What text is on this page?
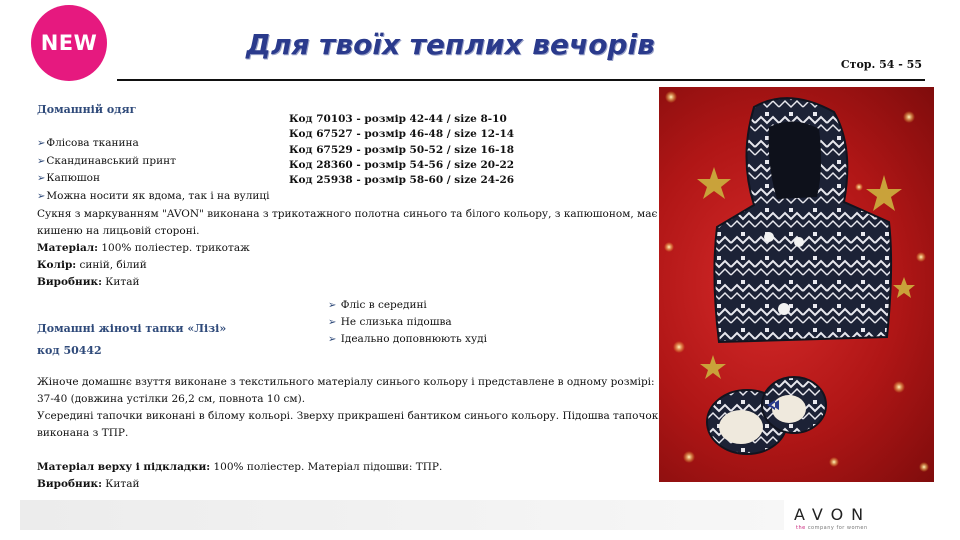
NEW	Для твоїх теплих вечорів
Стор. 54 - 55
Домашній одяг
➢Флісова тканина
➢Скандинавський принт
➢Капюшон
➢Можна носити як вдома, так і на вулиці
Код 70103 - розмір 42-44 / size 8-10
Код 67527 - розмір 46-48 / size 12-14
Код 67529 - розмір 50-52 / size 16-18
Код 28360 - розмір 54-56 / size 20-22
Код 25938 - розмір 58-60 / size 24-26
Сукня з маркуванням "AVON" виконана з трикотажного полотна синього та білого кольору, з капюшоном, має
кишеню на лицьовій стороні.
Матеріал: 100% поліестер. трикотаж
Колір: синій, білий
Виробник: Китай
➢ Фліс в середині
➢ Не слизька підошва
➢ Ідеально доповнюють худі
Домашні жіночі тапки «Лізі»
код 50442
Жіноче домашнє взуття виконане з текстильного матеріалу синього кольору і представлене в одному розмірі:
37-40 (довжина устілки 26,2 см, повнота 10 см).
Усередині тапочки виконані в білому кольорі. Зверху прикрашені бантиком синього кольору. Підошва тапочок
виконана з ТПР.
Матеріал верху і підкладки: 100% поліестер. Матеріал підошви: ТПР.
Виробник: Китай
AVON
the company for women
